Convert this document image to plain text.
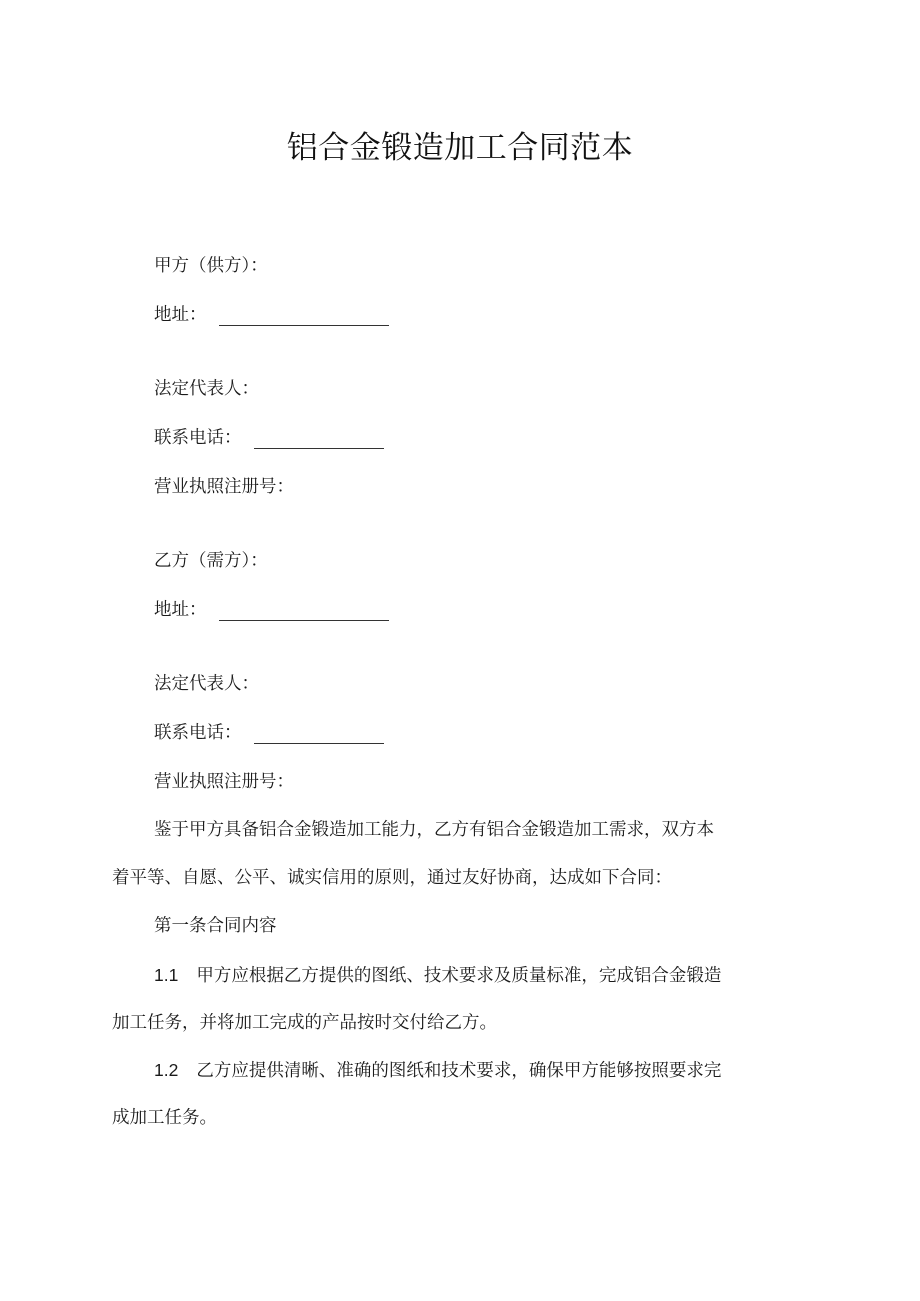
铝合金锻造加工合同范本

甲方（供方）：

地址：

法定代表人：

联系电话：

营业执照注册号：

乙方（需方）：

地址：

法定代表人：

联系电话：

营业执照注册号：

鉴于甲方具备铝合金锻造加工能力，乙方有铝合金锻造加工需求，双方本
着平等、自愿、公平、诚实信用的原则，通过友好协商，达成如下合同：

第一条合同内容

1.1 甲方应根据乙方提供的图纸、技术要求及质量标准，完成铝合金锻造
加工任务，并将加工完成的产品按时交付给乙方。
1.2 乙方应提供清晰、准确的图纸和技术要求，确保甲方能够按照要求完
成加工任务。
